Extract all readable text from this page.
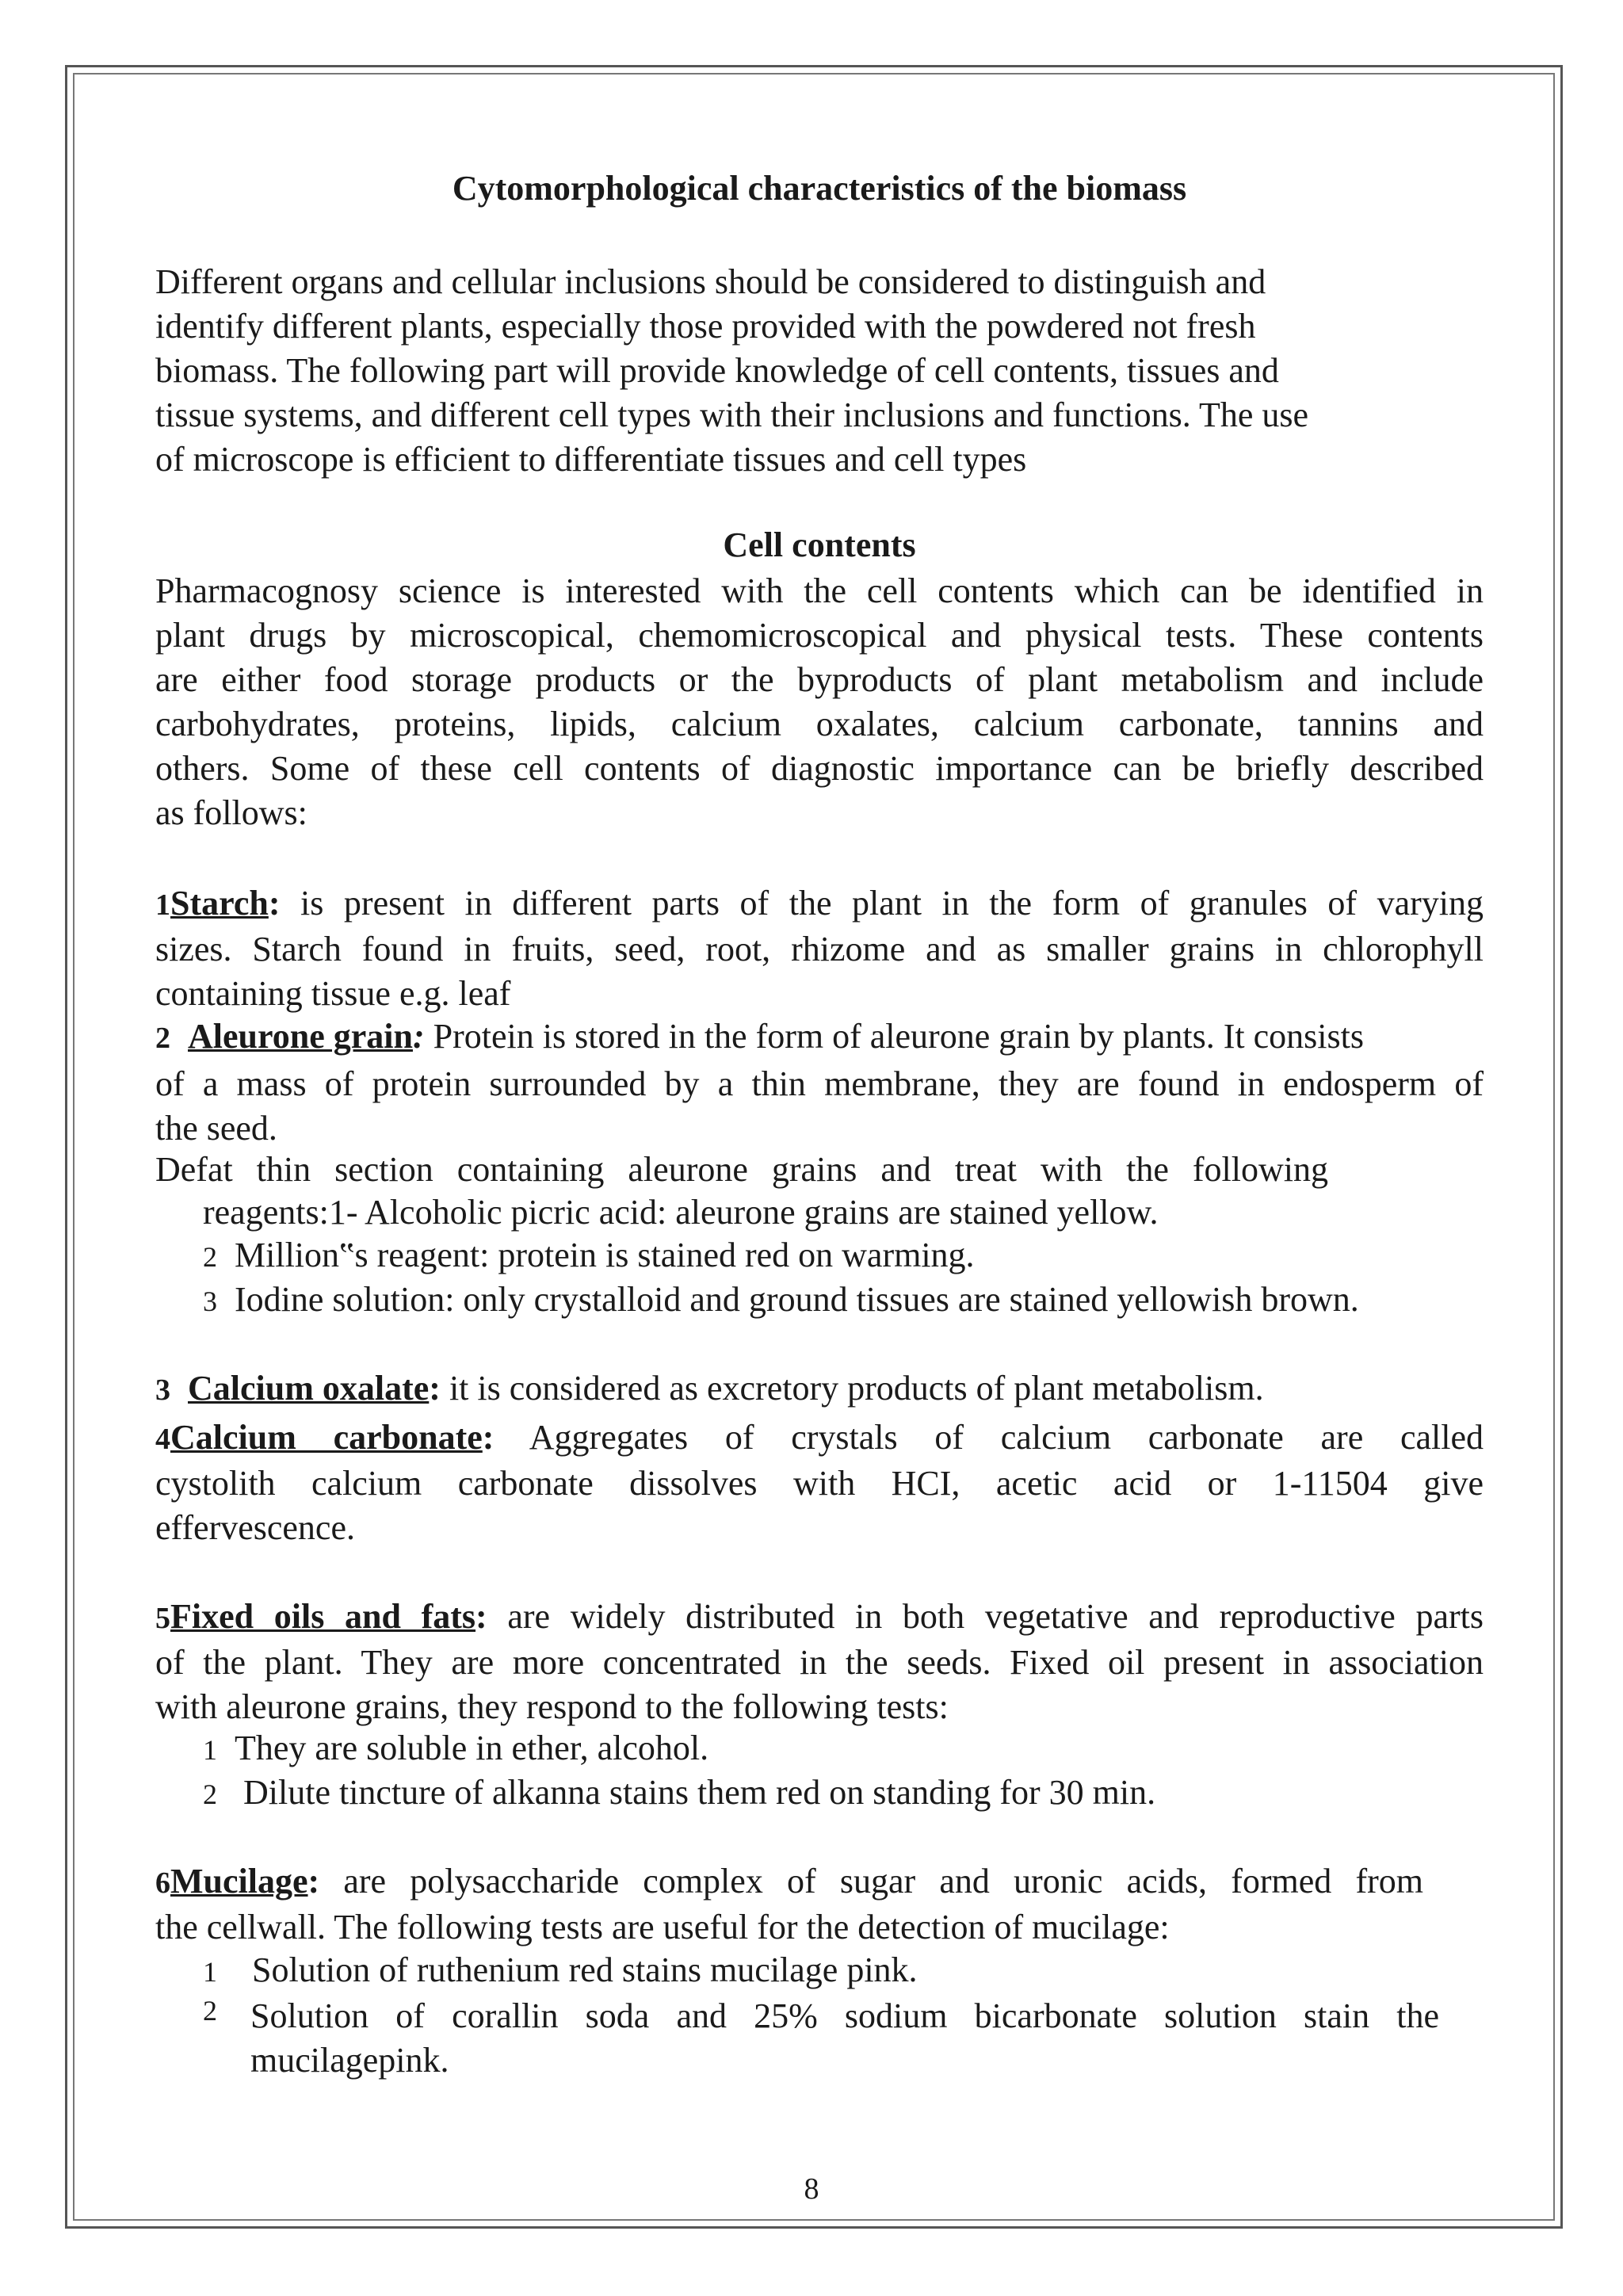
Cytomorphological characteristics of the biomass
Different organs and cellular inclusions should be considered to distinguish and
identify different plants, especially those provided with the powdered not fresh
biomass. The following part will provide knowledge of cell contents, tissues and
tissue systems, and different cell types with their inclusions and functions. The use
of microscope is efficient to differentiate tissues and cell types
Cell contents
Pharmacognosy science is interested with the cell contents which can be identified in
plant drugs by microscopical, chemomicroscopical and physical tests. These contents
are either food storage products or the byproducts of plant metabolism and include
carbohydrates, proteins, lipids, calcium oxalates, calcium carbonate, tannins and
others. Some of these cell contents of diagnostic importance can be briefly described
as follows:
1Starch: is present in different parts of the plant in the form of granules of varying
sizes. Starch found in fruits, seed, root, rhizome and as smaller grains in chlorophyll
containing tissue e.g. leaf
2 Aleurone grain: Protein is stored in the form of aleurone grain by plants. It consists
of a mass of protein surrounded by a thin membrane, they are found in endosperm of
the seed.
Defat thin section containing aleurone grains and treat with the following
reagents:1- Alcoholic picric acid: aleurone grains are stained yellow.
2 Million‟s reagent: protein is stained red on warming.
3 Iodine solution: only crystalloid and ground tissues are stained yellowish brown.
3 Calcium oxalate: it is considered as excretory products of plant metabolism.
4Calcium carbonate: Aggregates of crystals of calcium carbonate are called
cystolith calcium carbonate dissolves with HCI, acetic acid or 1-11504 give
effervescence.
5Fixed oils and fats: are widely distributed in both vegetative and reproductive parts
of the plant. They are more concentrated in the seeds. Fixed oil present in association
with aleurone grains, they respond to the following tests:
1 They are soluble in ether, alcohol.
2 Dilute tincture of alkanna stains them red on standing for 30 min.
6Mucilage: are polysaccharide complex of sugar and uronic acids, formed from
the cellwall. The following tests are useful for the detection of mucilage:
1 Solution of ruthenium red stains mucilage pink.
2 Solution of corallin soda and 25% sodium bicarbonate solution stain the
mucilagepink.
8
